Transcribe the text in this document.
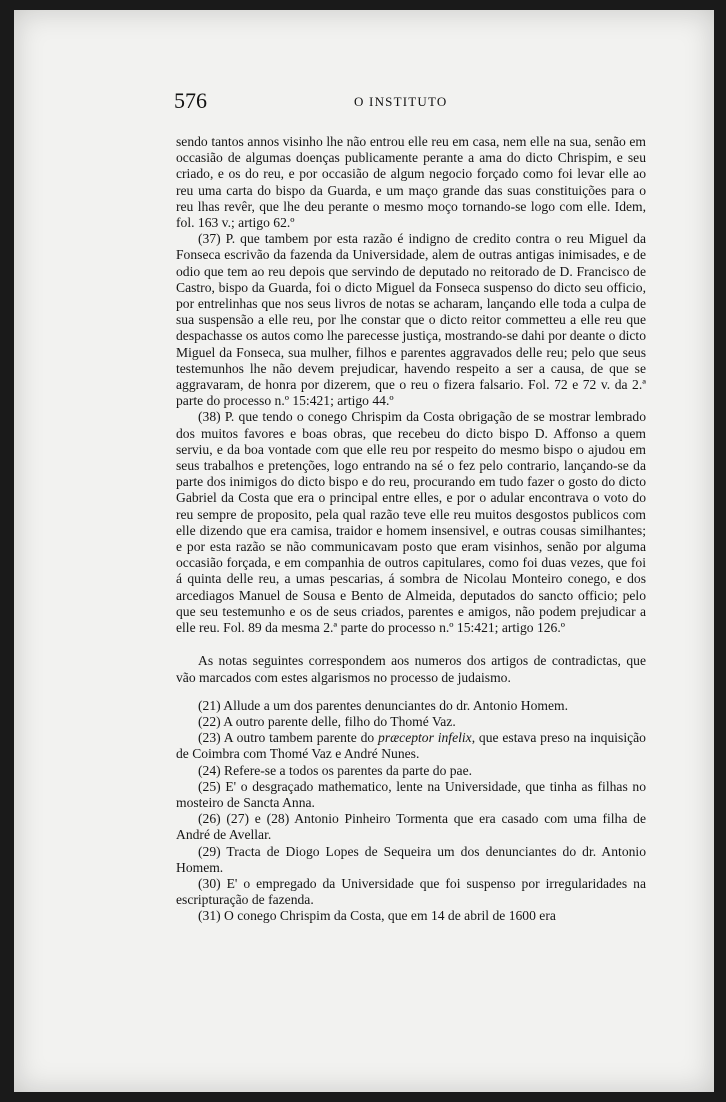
576	O INSTITUTO

sendo tantos annos visinho lhe não entrou elle reu em casa, nem elle na sua, senão em occasião de algumas doenças publicamente perante a ama do dicto Chrispim, e seu criado, e os do reu, e por occasião de algum negocio forçado como foi levar elle ao reu uma carta do bispo da Guarda, e um maço grande das suas constituições para o reu lhas revêr, que lhe deu perante o mesmo moço tornando-se logo com elle. Idem, fol. 163 v.; artigo 62.º

(37) P. que tambem por esta razão é indigno de credito contra o reu Miguel da Fonseca escrivão da fazenda da Universidade, alem de outras antigas inimisades, e de odio que tem ao reu depois que servindo de deputado no reitorado de D. Francisco de Castro, bispo da Guarda, foi o dicto Miguel da Fonseca suspenso do dicto seu officio, por entrelinhas que nos seus livros de notas se acharam, lançando elle toda a culpa de sua suspensão a elle reu, por lhe constar que o dicto reitor commetteu a elle reu que despachasse os autos como lhe parecesse justiça, mostrando-se dahi por deante o dicto Miguel da Fonseca, sua mulher, filhos e parentes aggravados delle reu; pelo que seus testemunhos lhe não devem prejudicar, havendo respeito a ser a causa, de que se aggravaram, de honra por dizerem, que o reu o fizera falsario. Fol. 72 e 72 v. da 2.ª parte do processo n.º 15:421; artigo 44.º

(38) P. que tendo o conego Chrispim da Costa obrigação de se mostrar lembrado dos muitos favores e boas obras, que recebeu do dicto bispo D. Affonso a quem serviu, e da boa vontade com que elle reu por respeito do mesmo bispo o ajudou em seus trabalhos e pretenções, logo entrando na sé o fez pelo contrario, lançando-se da parte dos inimigos do dicto bispo e do reu, procurando em tudo fazer o gosto do dicto Gabriel da Costa que era o principal entre elles, e por o adular encontrava o voto do reu sempre de proposito, pela qual razão teve elle reu muitos desgostos publicos com elle dizendo que era camisa, traidor e homem insensivel, e outras cousas similhantes; e por esta razão se não communicavam posto que eram visinhos, senão por alguma occasião forçada, e em companhia de outros capitulares, como foi duas vezes, que foi á quinta delle reu, a umas pescarias, á sombra de Nicolau Monteiro conego, e dos arcediagos Manuel de Sousa e Bento de Almeida, deputados do sancto officio; pelo que seu testemunho e os de seus criados, parentes e amigos, não podem prejudicar a elle reu. Fol. 89 da mesma 2.ª parte do processo n.º 15:421; artigo 126.º

As notas seguintes correspondem aos numeros dos artigos de contradictas, que vão marcados com estes algarismos no processo de judaismo.

(21) Allude a um dos parentes denunciantes do dr. Antonio Homem.

(22) A outro parente delle, filho do Thomé Vaz.

(23) A outro tambem parente do præceptor infelix, que estava preso na inquisição de Coimbra com Thomé Vaz e André Nunes.

(24) Refere-se a todos os parentes da parte do pae.

(25) E' o desgraçado mathematico, lente na Universidade, que tinha as filhas no mosteiro de Sancta Anna.

(26) (27) e (28) Antonio Pinheiro Tormenta que era casado com uma filha de André de Avellar.

(29) Tracta de Diogo Lopes de Sequeira um dos denunciantes do dr. Antonio Homem.

(30) E' o empregado da Universidade que foi suspenso por irregularidades na escripturação de fazenda.

(31) O conego Chrispim da Costa, que em 14 de abril de 1600 era
